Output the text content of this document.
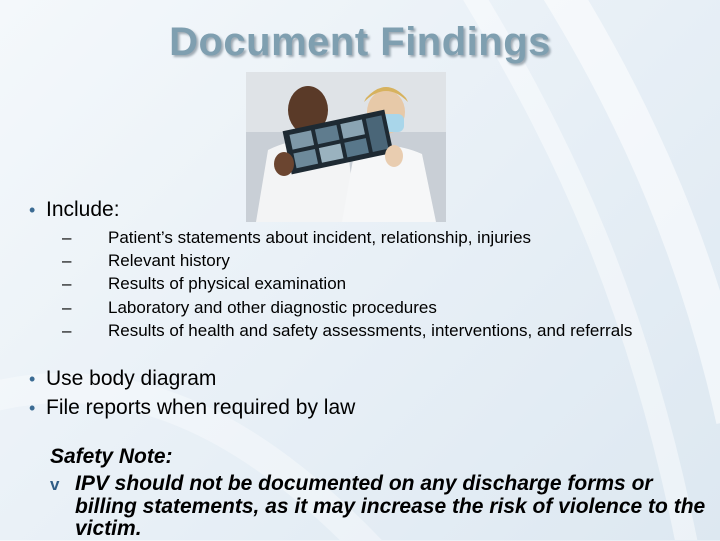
Document Findings
• Include:
–	Patient’s statements about incident, relationship, injuries
–	Relevant history
–	Results of physical examination
–	Laboratory and other diagnostic procedures
–	Results of health and safety assessments, interventions, and referrals
• Use body diagram
• File reports when required by law
Safety Note:
v IPV should not be documented on any discharge forms or billing statements, as it may increase the risk of violence to the victim.
